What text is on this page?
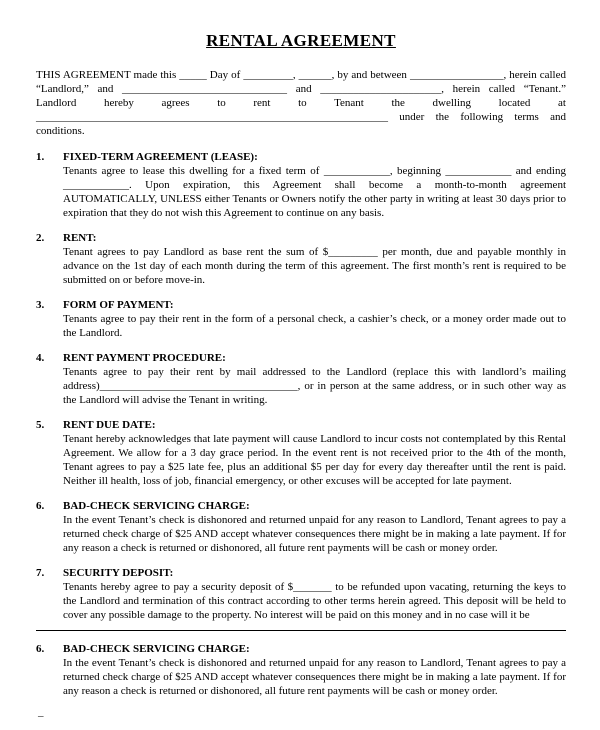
RENTAL AGREEMENT

THIS AGREEMENT made this _____ Day of _________, ______, by and between _________________, herein called “Landlord,” and ______________________________ and ______________________, herein called “Tenant.” Landlord hereby agrees to rent to Tenant the dwelling located at ________________________________________________________________ under the following terms and conditions.

1.	FIXED-TERM AGREEMENT (LEASE):

Tenants agree to lease this dwelling for a fixed term of ____________, beginning ____________ and ending ____________. Upon expiration, this Agreement shall become a month-to-month agreement AUTOMATICALLY, UNLESS either Tenants or Owners notify the other party in writing at least 30 days prior to expiration that they do not wish this Agreement to continue on any basis.

2.	RENT:

Tenant agrees to pay Landlord as base rent the sum of $_________ per month, due and payable monthly in advance on the 1st day of each month during the term of this agreement. The first month’s rent is required to be submitted on or before move-in.

3.	FORM OF PAYMENT:

Tenants agree to pay their rent in the form of a personal check, a cashier’s check, or a money order made out to the Landlord.

4.	RENT PAYMENT PROCEDURE:

Tenants agree to pay their rent by mail addressed to the Landlord (replace this with landlord’s mailing address)____________________________________, or in person at the same address, or in such other way as the Landlord will advise the Tenant in writing.

5.	RENT DUE DATE:

Tenant hereby acknowledges that late payment will cause Landlord to incur costs not contemplated by this Rental Agreement. We allow for a 3 day grace period. In the event rent is not received prior to the 4th of the month, Tenant agrees to pay a $25 late fee, plus an additional $5 per day for every day thereafter until the rent is paid. Neither ill health, loss of job, financial emergency, or other excuses will be accepted for late payment.

6.	BAD-CHECK SERVICING CHARGE:

In the event Tenant’s check is dishonored and returned unpaid for any reason to Landlord, Tenant agrees to pay a returned check charge of $25 AND accept whatever consequences there might be in making a late payment. If for any reason a check is returned or dishonored, all future rent payments will be cash or money order.

7.	SECURITY DEPOSIT:

Tenants hereby agree to pay a security deposit of $_______ to be refunded upon vacating, returning the keys to the Landlord and termination of this contract according to other terms herein agreed. This deposit will be held to cover any possible damage to the property. No interest will be paid on this money and in no case will it be

6.	BAD-CHECK SERVICING CHARGE:

In the event Tenant’s check is dishonored and returned unpaid for any reason to Landlord, Tenant agrees to pay a returned check charge of $25 AND accept whatever consequences there might be in making a late payment. If for any reason a check is returned or dishonored, all future rent payments will be cash or money order.

–
